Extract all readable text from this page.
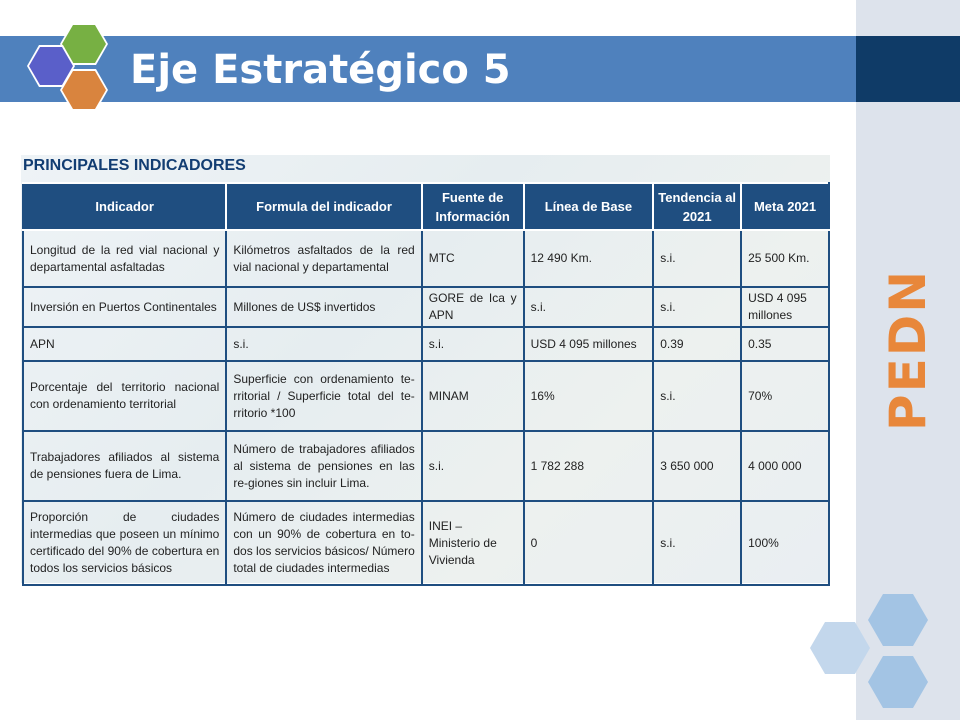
Eje Estratégico 5
PEDN
PRINCIPALES INDICADORES
Indicador	Formula del indicador	Fuente de Información	Línea de Base	Tendencia al 2021	Meta 2021
Longitud de la red vial nacional y departamental asfaltadas	Kilómetros asfaltados de la red vial nacional y departamental	MTC	12 490 Km.	s.i.	25 500 Km.
Inversión en Puertos Continentales	Millones de US$ invertidos	GORE de Ica y APN	s.i.	s.i.	USD 4 095 millones
APN	s.i.	s.i.	USD 4 095 millones	0.39	0.35
Porcentaje del territorio nacional con ordenamiento territorial	Superficie con ordenamiento te-rritorial / Superficie total del te-rritorio *100	MINAM	16%	s.i.	70%
Trabajadores afiliados al sistema de pensiones fuera de Lima.	Número de trabajadores afiliados al sistema de pensiones en las re-giones sin incluir Lima.	s.i.	1 782 288	3 650 000	4 000 000
Proporción de ciudades intermedias que poseen un mínimo certificado del 90% de cobertura en todos los servicios básicos	Número de ciudades intermedias con un 90% de cobertura en to-dos los servicios básicos/ Número total de ciudades intermedias	INEI – Ministerio de Vivienda	0	s.i.	100%
